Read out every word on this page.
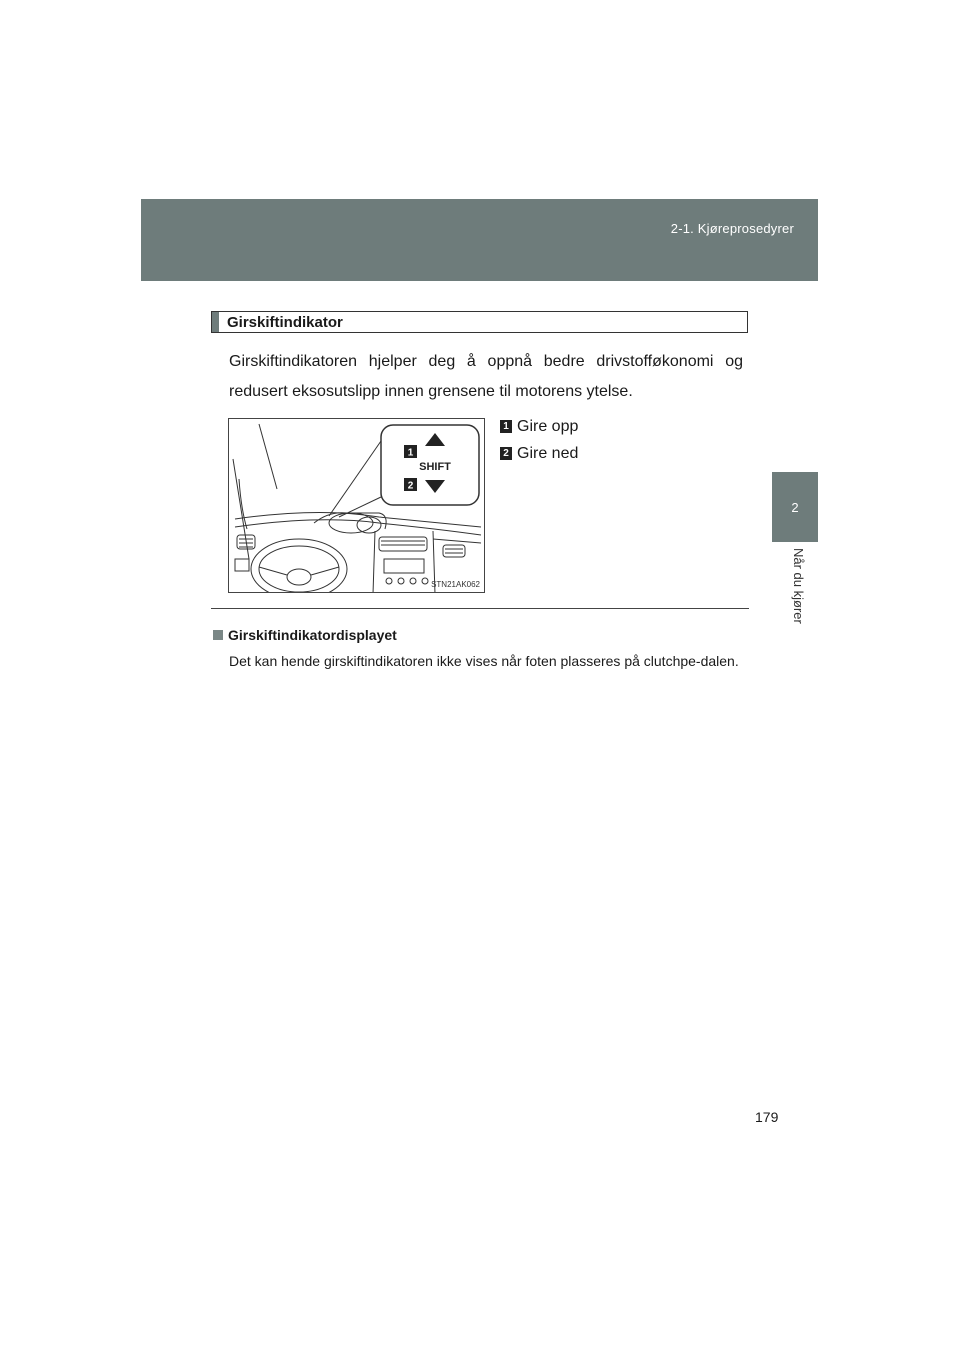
2-1. Kjøreprosedyrer
2
Når du kjører
Girskiftindikator
Girskiftindikatoren hjelper deg å oppnå bedre drivstofføkonomi og redusert eksosutslipp innen grensene til motorens ytelse.
1
2
SHIFT
STN21AK062
1 Gire opp
2 Gire ned
Girskiftindikatordisplayet
Det kan hende girskiftindikatoren ikke vises når foten plasseres på clutchpe-dalen.
179
